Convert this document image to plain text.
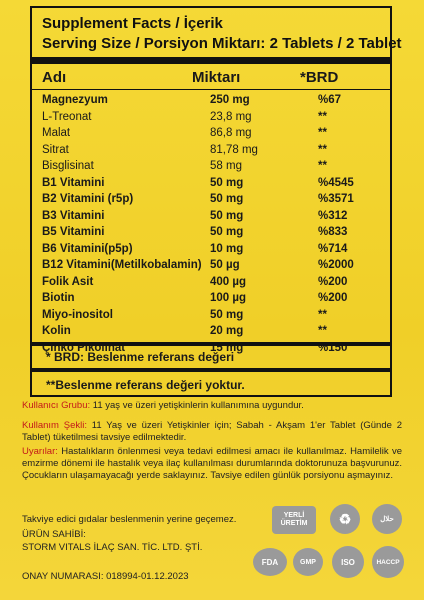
Supplement Facts / İçerik
Serving Size / Porsiyon Miktarı: 2 Tablets / 2 Tablet
Adı	Miktarı	*BRD
Magnezyum	250 mg	%67
L-Treonat	23,8 mg	**
Malat	86,8 mg	**
Sitrat	81,78 mg	**
Bisglisinat	58 mg	**
B1 Vitamini	50 mg	%4545
B2 Vitamini (r5p)	50 mg	%3571
B3 Vitamini	50 mg	%312
B5 Vitamini	50 mg	%833
B6 Vitamini(p5p)	10 mg	%714
B12 Vitamini(Metilkobalamin) 50 µg	%2000
Folik Asit	400 µg	%200
Biotin	100 µg	%200
Miyo-inositol	50 mg	**
Kolin	20 mg	**
Çinko Pikolinat	15 mg	%150
* BRD: Beslenme referans değeri
**Beslenme referans değeri yoktur.
Kullanıcı Grubu: 11 yaş ve üzeri yetişkinlerin kullanımına uygundur.
Kullanım Şekli: 11 Yaş ve üzeri Yetişkinler için; Sabah - Akşam 1'er Tablet (Günde 2 Tablet) tüketilmesi tavsiye edilmektedir.
Uyarılar: Hastalıkların önlenmesi veya tedavi edilmesi amacı ile kullanılmaz. Hamilelik ve emzirme dönemi ile hastalık veya ilaç kullanılması durumlarında doktorunuza başvurunuz. Çocukların ulaşamayacağı yerde saklayınız. Tavsiye edilen günlük porsiyonu aşmayınız.
Takviye edici gıdalar beslenmenin yerine geçemez.
ÜRÜN SAHİBİ:
STORM VITALS İLAÇ SAN. TİC. LTD. ŞTİ.
ONAY NUMARASI: 018994-01.12.2023
YERLİ ÜRETİM	♻	حلال
FDA	GMP	ISO	HACCP
